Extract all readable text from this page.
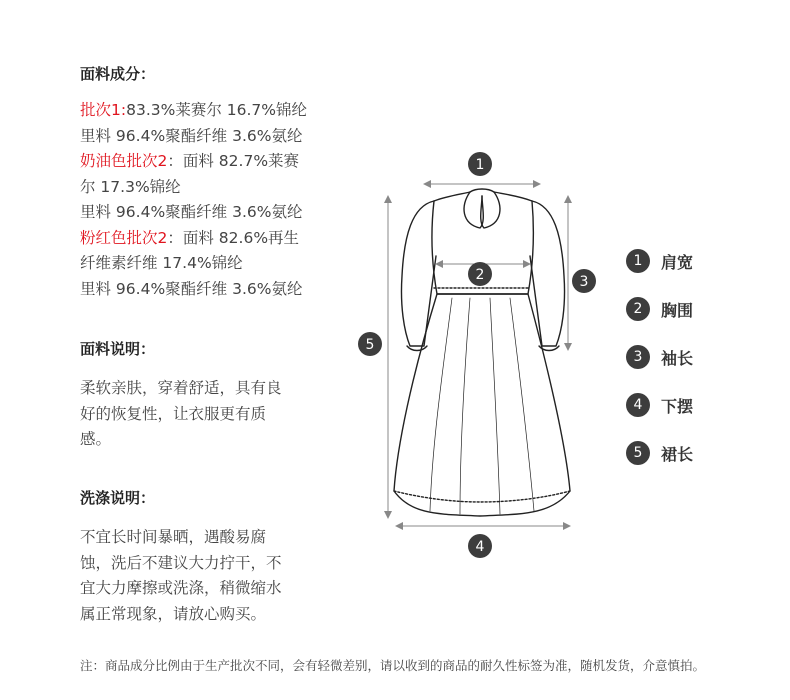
面料成分：
批次1:83.3%莱赛尔 16.7%锦纶
里料 96.4%聚酯纤维 3.6%氨纶
奶油色批次2：面料 82.7%莱赛
尔 17.3%锦纶
里料 96.4%聚酯纤维 3.6%氨纶
粉红色批次2：面料 82.6%再生
纤维素纤维 17.4%锦纶
里料 96.4%聚酯纤维 3.6%氨纶
面料说明：
柔软亲肤，穿着舒适，具有良
好的恢复性，让衣服更有质
感。
洗涤说明：
不宜长时间暴晒，遇酸易腐
蚀，洗后不建议大力拧干，不
宜大力摩擦或洗涤，稍微缩水
属正常现象，请放心购买。
注：商品成分比例由于生产批次不同，会有轻微差别，请以收到的商品的耐久性标签为准，随机发货，介意慎拍。
1
2	3
4
5
1	肩宽
2	胸围
3	袖长
4	下摆
5	裙长
